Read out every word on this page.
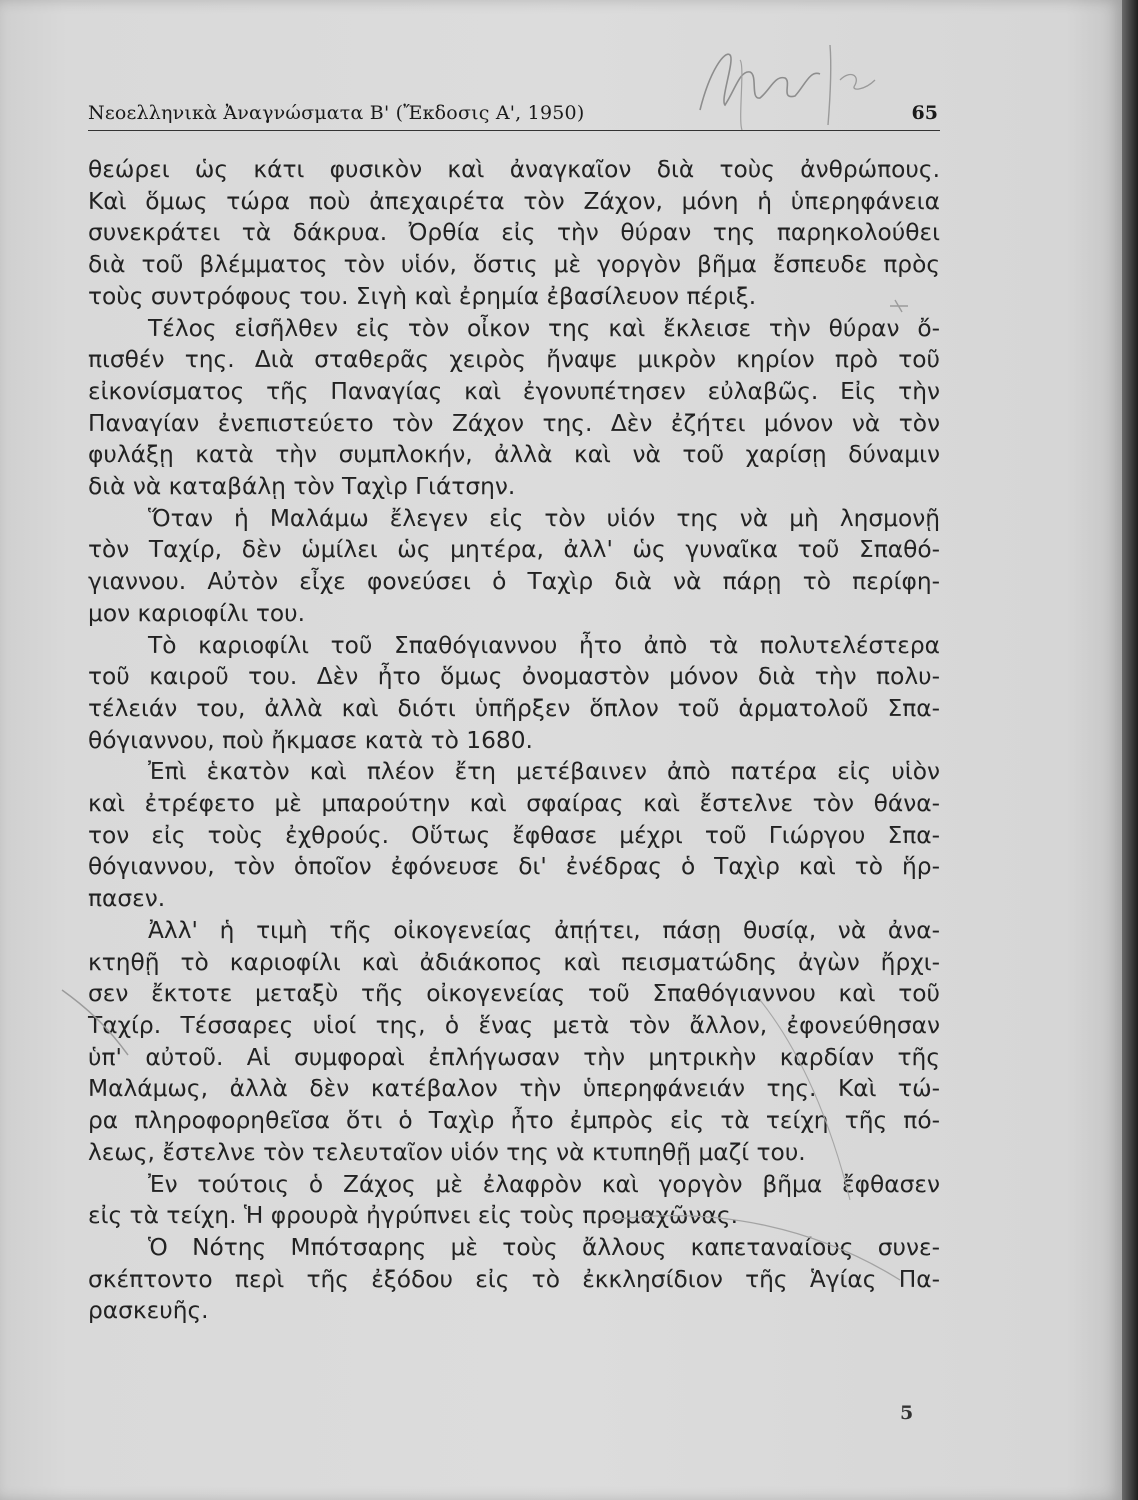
Νεοελληνικὰ Ἀναγνώσματα Β' (Ἔκδοσις Α', 1950)	65

θεώρει ὡς κάτι φυσικὸν καὶ ἀναγκαῖον διὰ τοὺς ἀνθρώπους.

Καὶ ὅμως τώρα ποὺ ἀπεχαιρέτα τὸν Ζάχον, μόνη ἡ ὑπερηφάνεια

συνεκράτει τὰ δάκρυα. Ὀρθία εἰς τὴν θύραν της παρηκολούθει

διὰ τοῦ βλέμματος τὸν υἱόν, ὅστις μὲ γοργὸν βῆμα ἔσπευδε πρὸς

τοὺς συντρόφους του. Σιγὴ καὶ ἐρημία ἐβασίλευον πέριξ.

Τέλος εἰσῆλθεν εἰς τὸν οἶκον της καὶ ἔκλεισε τὴν θύραν ὄ-

πισθέν της. Διὰ σταθερᾶς χειρὸς ἤναψε μικρὸν κηρίον πρὸ τοῦ

εἰκονίσματος τῆς Παναγίας καὶ ἐγονυπέτησεν εὐλαβῶς. Εἰς τὴν

Παναγίαν ἐνεπιστεύετο τὸν Ζάχον της. Δὲν ἐζήτει μόνον νὰ τὸν

φυλάξῃ κατὰ τὴν συμπλοκήν, ἀλλὰ καὶ νὰ τοῦ χαρίσῃ δύναμιν

διὰ νὰ καταβάλῃ τὸν Ταχὶρ Γιάτσην.

Ὅταν ἡ Μαλάμω ἔλεγεν εἰς τὸν υἱόν της νὰ μὴ λησμονῇ

τὸν Ταχίρ, δὲν ὡμίλει ὡς μητέρα, ἀλλ' ὡς γυναῖκα τοῦ Σπαθό-

γιαννου. Αὐτὸν εἶχε φονεύσει ὁ Ταχὶρ διὰ νὰ πάρῃ τὸ περίφη-

μον καριοφίλι του.

Τὸ καριοφίλι τοῦ Σπαθόγιαννου ἦτο ἀπὸ τὰ πολυτελέστερα

τοῦ καιροῦ του. Δὲν ἦτο ὅμως ὀνομαστὸν μόνον διὰ τὴν πολυ-

τέλειάν του, ἀλλὰ καὶ διότι ὑπῆρξεν ὅπλον τοῦ ἁρματολοῦ Σπα-

θόγιαννου, ποὺ ἤκμασε κατὰ τὸ 1680.

Ἐπὶ ἑκατὸν καὶ πλέον ἔτη μετέβαινεν ἀπὸ πατέρα εἰς υἱὸν

καὶ ἐτρέφετο μὲ μπαρούτην καὶ σφαίρας καὶ ἔστελνε τὸν θάνα-

τον εἰς τοὺς ἐχθρούς. Οὕτως ἔφθασε μέχρι τοῦ Γιώργου Σπα-

θόγιαννου, τὸν ὁποῖον ἐφόνευσε δι' ἐνέδρας ὁ Ταχὶρ καὶ τὸ ἥρ-

πασεν.

Ἀλλ' ἡ τιμὴ τῆς οἰκογενείας ἀπῄτει, πάσῃ θυσίᾳ, νὰ ἀνα-

κτηθῇ τὸ καριοφίλι καὶ ἀδιάκοπος καὶ πεισματώδης ἀγὼν ἤρχι-

σεν ἔκτοτε μεταξὺ τῆς οἰκογενείας τοῦ Σπαθόγιαννου καὶ τοῦ

Ταχίρ. Τέσσαρες υἱοί της, ὁ ἕνας μετὰ τὸν ἄλλον, ἐφονεύθησαν

ὑπ' αὐτοῦ. Αἱ συμφοραὶ ἐπλήγωσαν τὴν μητρικὴν καρδίαν τῆς

Μαλάμως, ἀλλὰ δὲν κατέβαλον τὴν ὑπερηφάνειάν της. Καὶ τώ-

ρα πληροφορηθεῖσα ὅτι ὁ Ταχὶρ ἦτο ἐμπρὸς εἰς τὰ τείχη τῆς πό-

λεως, ἔστελνε τὸν τελευταῖον υἱόν της νὰ κτυπηθῇ μαζί του.

Ἐν τούτοις ὁ Ζάχος μὲ ἐλαφρὸν καὶ γοργὸν βῆμα ἔφθασεν

εἰς τὰ τείχη. Ἡ φρουρὰ ἠγρύπνει εἰς τοὺς προμαχῶνας.

Ὁ Νότης Μπότσαρης μὲ τοὺς ἄλλους καπεταναίους συνε-

σκέπτοντο περὶ τῆς ἐξόδου εἰς τὸ ἐκκλησίδιον τῆς Ἁγίας Πα-

ρασκευῆς.

5
